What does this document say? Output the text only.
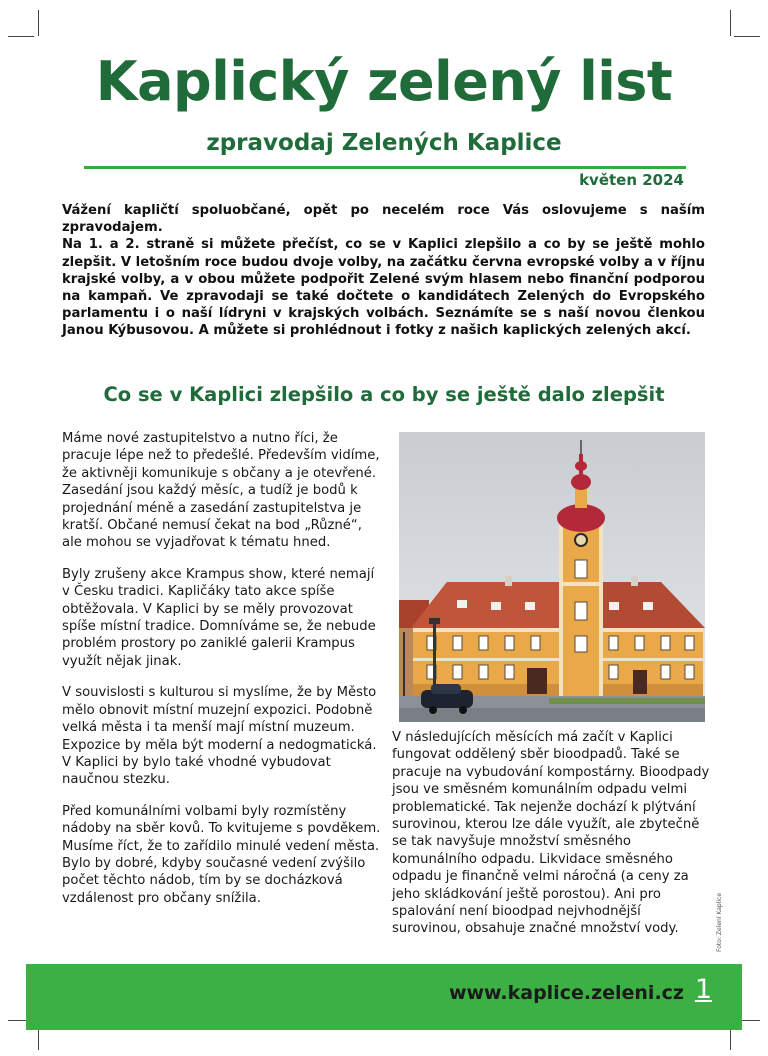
Kaplický zelený list
zpravodaj Zelených Kaplice
květen 2024

Vážení kapličtí spoluobčané, opět po necelém roce Vás oslovujeme s naším zpravodajem.

Na 1. a 2. straně si můžete přečíst, co se v Kaplici zlepšilo a co by se ještě mohlo zlepšit. V letošním roce budou dvoje volby, na začátku června evropské volby a v říjnu krajské volby, a v obou můžete podpořit Zelené svým hlasem nebo finanční podporou na kampaň. Ve zpravodaji se také dočtete o kandidátech Zelených do Evropského parlamentu i o naší lídryni v krajských volbách. Seznámíte se s naší novou členkou Janou Kýbusovou. A můžete si prohlédnout i fotky z našich kaplických zelených akcí.

Co se v Kaplici zlepšilo a co by se ještě dalo zlepšit

Máme nové zastupitelstvo a nutno říci, že pracuje lépe než to předešlé. Především vidíme, že aktivněji komunikuje s občany a je otevřené. Zasedání jsou každý měsíc, a tudíž je bodů k projednání méně a zasedání zastupitelstva je kratší. Občané nemusí čekat na bod „Různé“, ale mohou se vyjadřovat k tématu hned.

Byly zrušeny akce Krampus show, které nemají v Česku tradici. Kapličáky tato akce spíše obtěžovala. V Kaplici by se měly provozovat spíše místní tradice. Domníváme se, že nebude problém prostory po zaniklé galerii Krampus využít nějak jinak.

V souvislosti s kulturou si myslíme, že by Město mělo obnovit místní muzejní expozici. Podobně velká města i ta menší mají místní muzeum. Expozice by měla být moderní a nedogmatická. V Kaplici by bylo také vhodné vybudovat naučnou stezku.

Před komunálními volbami byly rozmístěny nádoby na sběr kovů. To kvitujeme s povděkem. Musíme říct, že to zařídilo minulé vedení města. Bylo by dobré, kdyby současné vedení zvýšilo počet těchto nádob, tím by se docházková vzdálenost pro občany snížila.

V následujících měsících má začít v Kaplici fungovat oddělený sběr bioodpadů. Také se pracuje na vybudování kompostárny. Bioodpady jsou ve směsném komunálním odpadu velmi problematické. Tak nejenže dochází k plýtvání surovinou, kterou lze dále využít, ale zbytečně se tak navyšuje množství směsného komunálního odpadu. Likvidace směsného odpadu je finančně velmi náročná (a ceny za jeho skládkování ještě porostou). Ani pro spalování není bioodpad nejvhodnější surovinou, obsahuje značné množství vody.	Foto: Zelení Kaplice
www.kaplice.zeleni.cz 1
